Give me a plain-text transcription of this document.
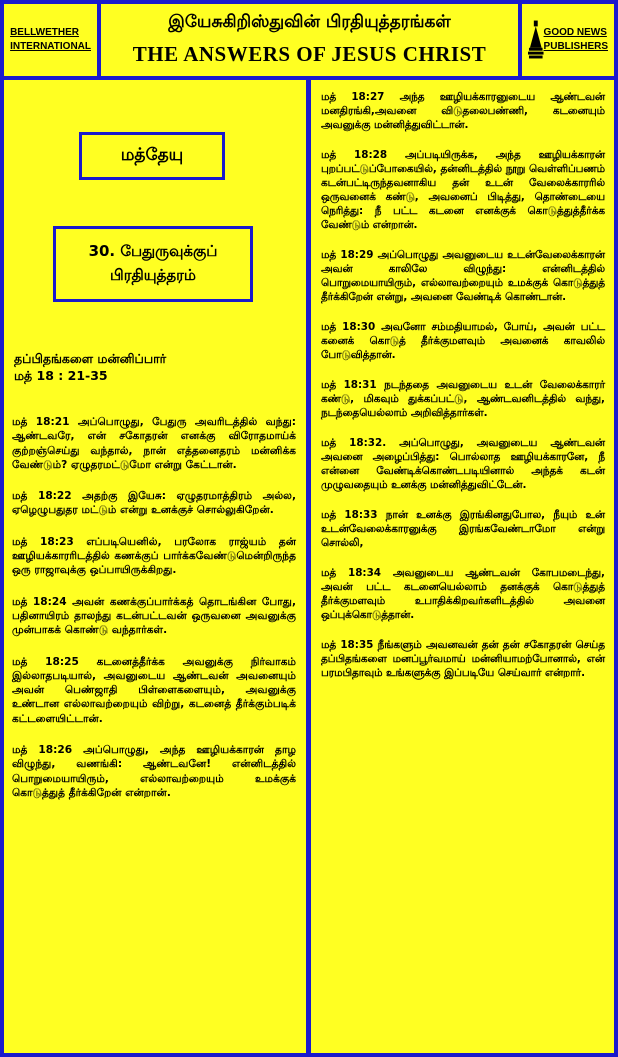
BELLWETHER
INTERNATIONAL
இயேசுகிறிஸ்துவின் பிரதியுத்தரங்கள்
THE ANSWERS OF JESUS CHRIST
GOOD NEWS
PUBLISHERS
மத்தேயு
30. பேதுருவுக்குப்
பிரதியுத்தரம்
தப்பிதங்களை மன்னிப்பார்
மத் 18 : 21-35

மத் 18:21 அப்பொழுது, பேதுரு அவரிடத்தில் வந்து: ஆண்டவரே, என் சகோதரன் எனக்கு விரோதமாய்க் குற்றஞ்செய்து வந்தால், நான் எத்தனைதரம் மன்னிக்க வேண்டும்? ஏழுதரமட்டுமோ என்று கேட்டான்.

மத் 18:22 அதற்கு இயேசு: ஏழுதரமாத்திரம் அல்ல, ஏழெழுபதுதர மட்டும் என்று உனக்குச் சொல்லுகிறேன்.

மத் 18:23 எப்படியெனில், பரலோக ராஜ்யம் தன் ஊழியக்காரரிடத்தில் கணக்குப் பார்க்கவேண்டுமென்றிருந்த ஒரு ராஜாவுக்கு ஒப்பாயிருக்கிறது.

மத் 18:24 அவன் கணக்குப்பார்க்கத் தொடங்கின போது, பதினாயிரம் தாலந்து கடன்பட்டவன் ஒருவனை அவனுக்கு முன்பாகக் கொண்டு வந்தார்கள்.

மத் 18:25 கடனைத்தீர்க்க அவனுக்கு நிர்வாகம் இல்லாதபடியால், அவனுடைய ஆண்டவன் அவனையும் அவன் பெண்ஜாதி பிள்ளைகளையும், அவனுக்கு உண்டான எல்லாவற்றையும் விற்று, கடனைத் தீர்க்கும்படிக் கட்டளையிட்டான்.

மத் 18:26 அப்பொழுது, அந்த ஊழியக்காரன் தாழ விழுந்து, வணங்கி: ஆண்டவனே! என்னிடத்தில் பொறுமையாயிரும், எல்லாவற்றையும் உமக்குக் கொடுத்துத் தீர்க்கிறேன் என்றான்.

மத் 18:27 அந்த ஊழியக்காரனுடைய ஆண்டவன் மனதிரங்கி,அவனை விடுதலைபண்ணி, கடனையும் அவனுக்கு மன்னித்துவிட்டான்.

மத் 18:28 அப்படியிருக்க, அந்த ஊழியக்காரன் புறப்பட்டுப்போகையில், தன்னிடத்தில் நூறு வெள்ளிப்பணம் கடன்பட்டிருந்தவனாகிய தன் உடன் வேலைக்காரரில் ஒருவனைக் கண்டு, அவனைப் பிடித்து, தொண்டையை நெரித்து: நீ பட்ட கடனை எனக்குக் கொடுத்துத்தீர்க்க வேண்டும் என்றான்.

மத் 18:29 அப்பொழுது அவனுடைய உடன்வேலைக்காரன் அவன் காலிலே விழுந்து: என்னிடத்தில் பொறுமையாயிரும், எல்லாவற்றையும் உமக்குக் கொடுத்துத் தீர்க்கிறேன் என்று, அவனை வேண்டிக் கொண்டான்.

மத் 18:30 அவனோ சம்மதியாமல், போய், அவன் பட்ட கனைக் கொடுத் தீர்க்குமளவும் அவனைக் காவலில் போடுவித்தான்.

மத் 18:31 நடந்ததை அவனுடைய உடன் வேலைக்காரர் கண்டு, மிகவும் துக்கப்பட்டு, ஆண்டவனிடத்தில் வந்து, நடந்தையெல்லாம் அறிவித்தார்கள்.

மத் 18:32. அப்பொழுது, அவனுடைய ஆண்டவன் அவனை அழைப்பித்து: பொல்லாத ஊழியக்காரனே, நீ என்னை வேண்டிக்கொண்டபடியினால் அந்தக் கடன் முழுவதையும் உனக்கு மன்னித்துவிட்டேன்.

மத் 18:33 நான் உனக்கு இரங்கினதுபோல, நீயும் உன் உடன்வேலைக்காரனுக்கு இரங்கவேண்டாமோ என்று சொல்லி,

மத் 18:34 அவனுடைய ஆண்டவன் கோபமடைந்து, அவன் பட்ட கடனையெல்லாம் தனக்குக் கொடுத்துத் தீர்க்குமளவும் உபாதிக்கிறவர்களிடத்தில் அவனை ஒப்புக்கொடுத்தான்.

மத் 18:35 நீங்களும் அவனவன் தன் தன் சகோதரன் செய்த தப்பிதங்களை மனப்பூர்வமாய் மன்னியாமற்போனால், என் பரமபிதாவும் உங்களுக்கு இப்படியே செய்வார் என்றார்.
